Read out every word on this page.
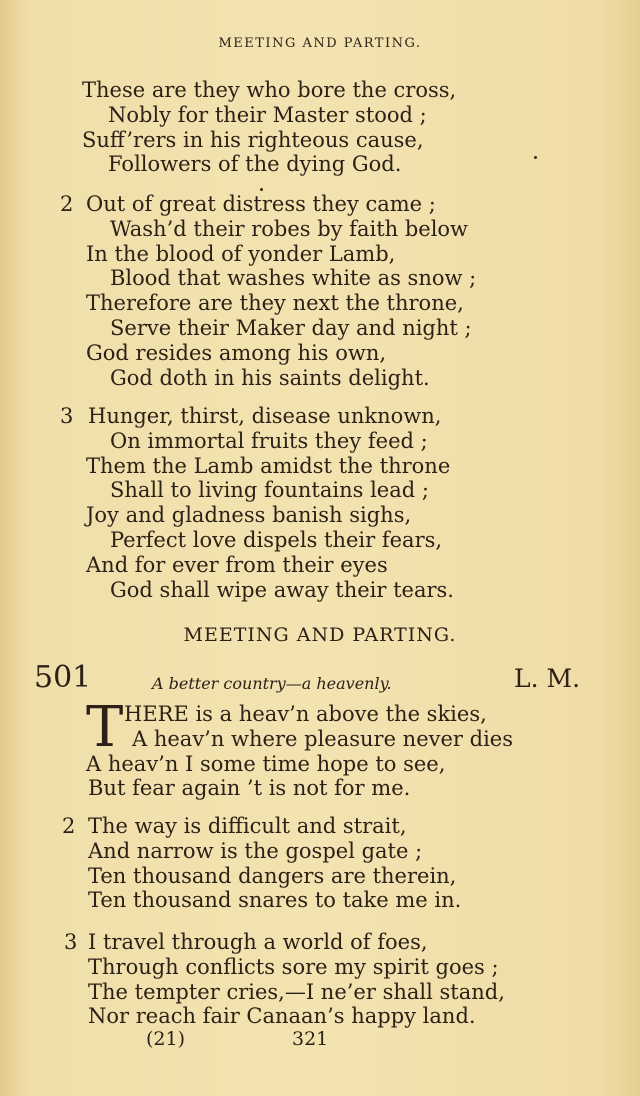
MEETING AND PARTING.
These are they who bore the cross,
Nobly for their Master stood ;
Suff’rers in his righteous cause,
Followers of the dying God.
2 Out of great distress they came ;
Wash’d their robes by faith below
In the blood of yonder Lamb,
Blood that washes white as snow ;
Therefore are they next the throne,
Serve their Maker day and night ;
God resides among his own,
God doth in his saints delight.
3 Hunger, thirst, disease unknown,
On immortal fruits they feed ;
Them the Lamb amidst the throne
Shall to living fountains lead ;
Joy and gladness banish sighs,
Perfect love dispels their fears,
And for ever from their eyes
God shall wipe away their tears.
MEETING AND PARTING.
501	A better country—a heavenly.	L. M.
T HERE is a heav’n above the skies,
A heav’n where pleasure never dies
A heav’n I some time hope to see,
But fear again ’t is not for me.
2 The way is difficult and strait,
And narrow is the gospel gate ;
Ten thousand dangers are therein,
Ten thousand snares to take me in.
3 I travel through a world of foes,
Through conflicts sore my spirit goes ;
The tempter cries,—I ne’er shall stand,
Nor reach fair Canaan’s happy land.
(21)	321
